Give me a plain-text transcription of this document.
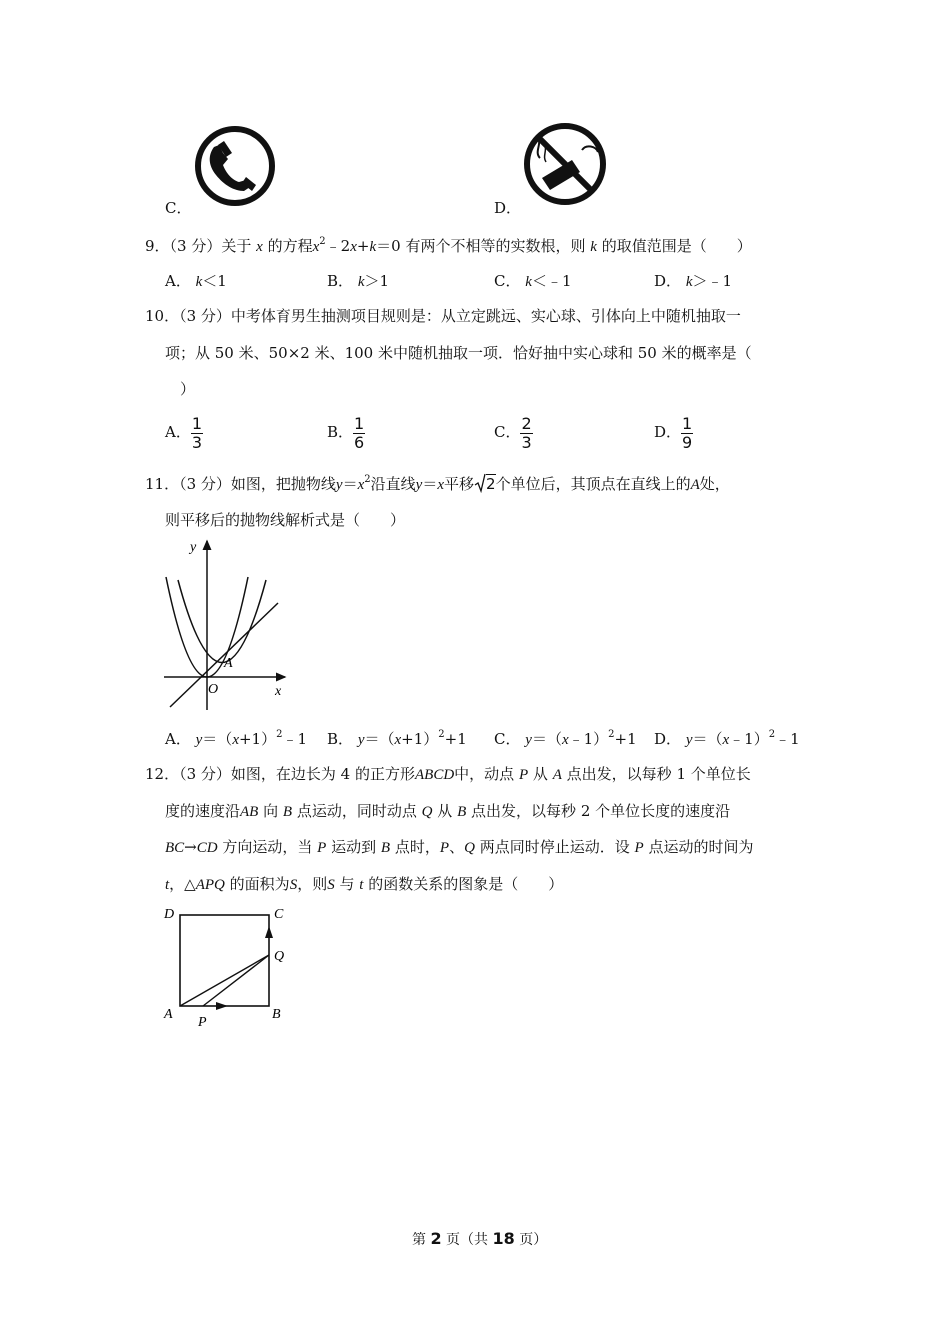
C．	D．
9．（3 分）关于 x 的方程$x^2﹣2x+k=0$ 有两个不相等的实数根，则 k 的取值范围是（　　）
A． k＜1	B． k＞1	C． k＜﹣1	D． k＞﹣1
10．（3 分）中考体育男生抽测项目规则是：从立定跳远、实心球、引体向上中随机抽取一
项；从 50 米、50×2 米、100 米中随机抽取一项．恰好抽中实心球和 50 米的概率是（
）
A． $\frac{1}{3}$	B． $\frac{1}{6}$	C． $\frac{2}{3}$	D． $\frac{1}{9}$
11．（3 分）如图，把抛物线$y=x^2$沿直线y＝x平移 2个单位后，其顶点在直线上的A处，
则平移后的抛物线解析式是（　　）
y
x
O
A
A． $y=(x+1)^2﹣1$ B． $y=(x+1)^2+1$ C． y＝（x﹣1）$^2$+1 D． y＝（x﹣1）$^2$﹣1
12．（3 分）如图，在边长为 4 的正方形ABCD中，动点 P 从 A 点出发，以每秒 1 个单位长
度的速度沿AB 向 B 点运动，同时动点 Q 从 B 点出发，以每秒 2 个单位长度的速度沿
BC→CD 方向运动，当 P 运动到 B 点时，P、Q 两点同时停止运动．设 P 点运动的时间为
t，△APQ 的面积为S，则S 与 t 的函数关系的图象是（　　）
D	C
Q
A
P
B
第 2 页（共 18 页）
